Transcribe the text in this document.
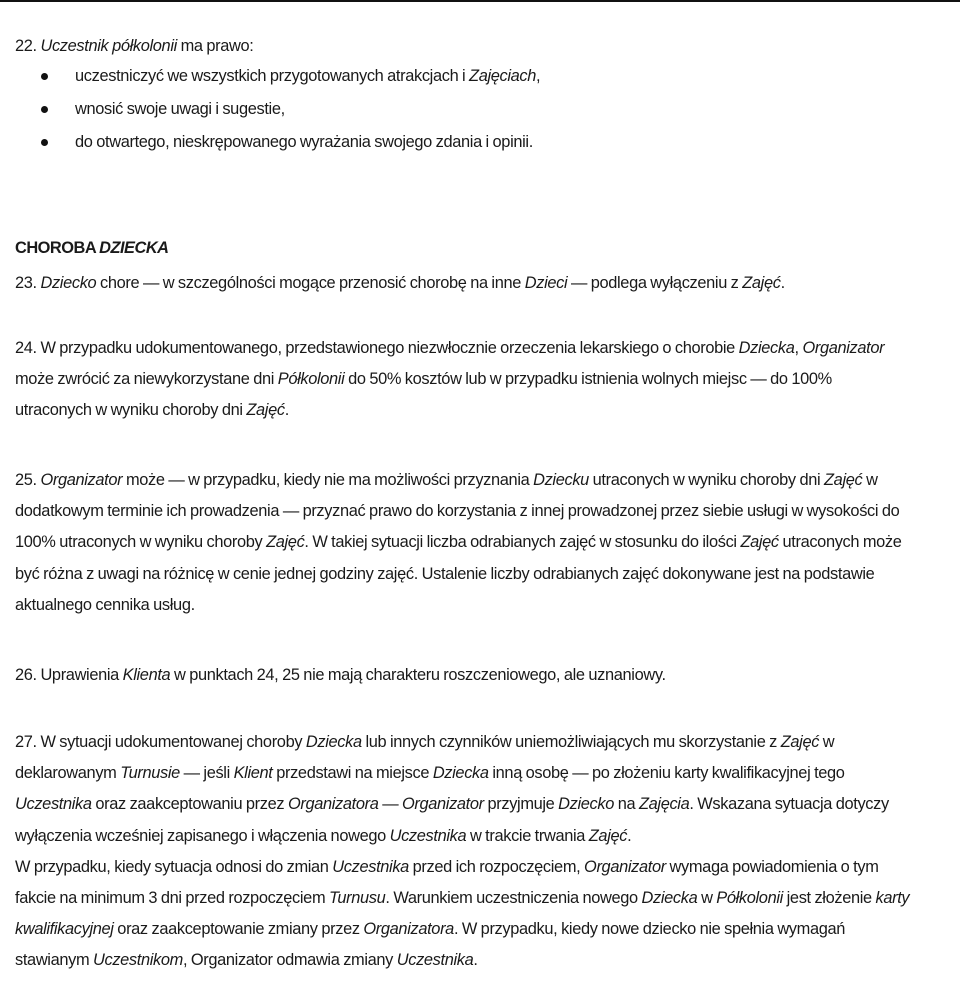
22. Uczestnik półkolonii ma prawo:

uczestniczyć we wszystkich przygotowanych atrakcjach i Zajęciach,
wnosić swoje uwagi i sugestie,
do otwartego, nieskrępowanego wyrażania swojego zdania i opinii.
CHOROBA DZIECKA

23. Dziecko chore — w szczególności mogące przenosić chorobę na inne Dzieci — podlega wyłączeniu z Zajęć.

24. W przypadku udokumentowanego, przedstawionego niezwłocznie orzeczenia lekarskiego o chorobie Dziecka, Organizator
może zwrócić za niewykorzystane dni Półkolonii do 50% kosztów lub w przypadku istnienia wolnych miejsc — do 100%
utraconych w wyniku choroby dni Zajęć.
25. Organizator może — w przypadku, kiedy nie ma możliwości przyznania Dziecku utraconych w wyniku choroby dni Zajęć w
dodatkowym terminie ich prowadzenia — przyznać prawo do korzystania z innej prowadzonej przez siebie usługi w wysokości do
100% utraconych w wyniku choroby Zajęć. W takiej sytuacji liczba odrabianych zajęć w stosunku do ilości Zajęć utraconych może
być różna z uwagi na różnicę w cenie jednej godziny zajęć. Ustalenie liczby odrabianych zajęć dokonywane jest na podstawie
aktualnego cennika usług.

26. Uprawienia Klienta w punktach 24, 25 nie mają charakteru roszczeniowego, ale uznaniowy.

27. W sytuacji udokumentowanej choroby Dziecka lub innych czynników uniemożliwiających mu skorzystanie z Zajęć w
deklarowanym Turnusie — jeśli Klient przedstawi na miejsce Dziecka inną osobę — po złożeniu karty kwalifikacyjnej tego
Uczestnika oraz zaakceptowaniu przez Organizatora — Organizator przyjmuje Dziecko na Zajęcia. Wskazana sytuacja dotyczy
wyłączenia wcześniej zapisanego i włączenia nowego Uczestnika w trakcie trwania Zajęć.
W przypadku, kiedy sytuacja odnosi do zmian Uczestnika przed ich rozpoczęciem, Organizator wymaga powiadomienia o tym
fakcie na minimum 3 dni przed rozpoczęciem Turnusu. Warunkiem uczestniczenia nowego Dziecka w Półkolonii jest złożenie karty
kwalifikacyjnej oraz zaakceptowanie zmiany przez Organizatora. W przypadku, kiedy nowe dziecko nie spełnia wymagań
stawianym Uczestnikom, Organizator odmawia zmiany Uczestnika.
